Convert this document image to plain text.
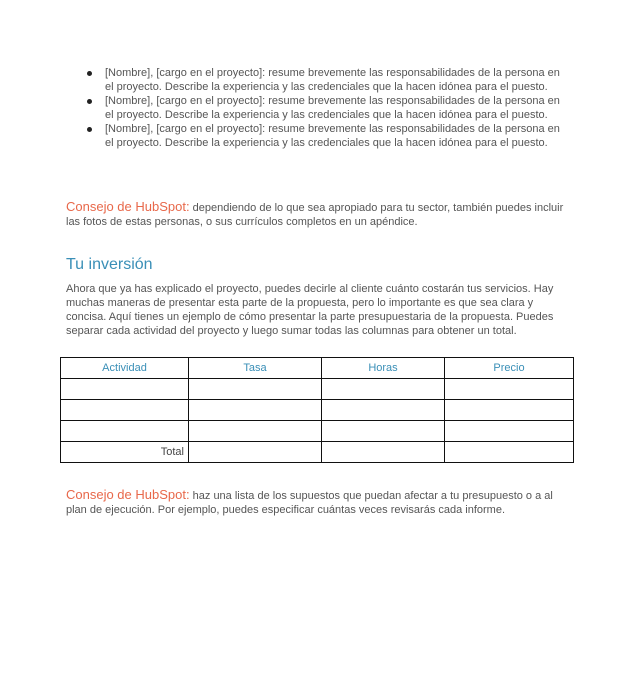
[Nombre], [cargo en el proyecto]: resume brevemente las responsabilidades de la persona en el proyecto. Describe la experiencia y las credenciales que la hacen idónea para el puesto.
[Nombre], [cargo en el proyecto]: resume brevemente las responsabilidades de la persona en el proyecto. Describe la experiencia y las credenciales que la hacen idónea para el puesto.
[Nombre], [cargo en el proyecto]: resume brevemente las responsabilidades de la persona en el proyecto. Describe la experiencia y las credenciales que la hacen idónea para el puesto.

Consejo de HubSpot: dependiendo de lo que sea apropiado para tu sector, también puedes incluir las fotos de estas personas, o sus currículos completos en un apéndice.

Tu inversión

Ahora que ya has explicado el proyecto, puedes decirle al cliente cuánto costarán tus servicios. Hay muchas maneras de presentar esta parte de la propuesta, pero lo importante es que sea clara y concisa. Aquí tienes un ejemplo de cómo presentar la parte presupuestaria de la propuesta. Puedes separar cada actividad del proyecto y luego sumar todas las columnas para obtener un total.

Actividad	Tasa	Horas	Precio

Total			

Consejo de HubSpot: haz una lista de los supuestos que puedan afectar a tu presupuesto o a al plan de ejecución. Por ejemplo, puedes especificar cuántas veces revisarás cada informe.
